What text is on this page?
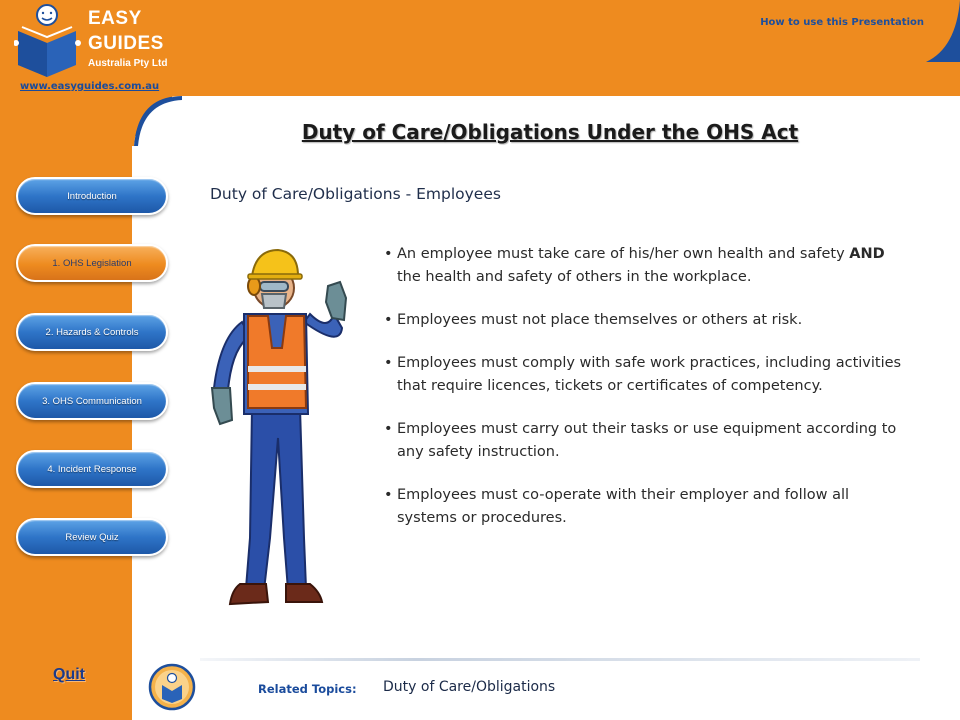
EASY
GUIDES
Australia Pty Ltd
www.easyguides.com.au
How to use this Presentation
Duty of Care/Obligations Under the OHS Act
Duty of Care/Obligations - Employees
Introduction
1. OHS Legislation
2. Hazards & Controls
3. OHS Communication
4. Incident Response
Review Quiz
Quit
• An employee must take care of his/her own health and safety AND the health and safety of others in the workplace.
• Employees must not place themselves or others at risk.
• Employees must comply with safe work practices, including activities that require licences, tickets or certificates of competency.
• Employees must carry out their tasks or use equipment according to any safety instruction.
• Employees must co-operate with their employer and follow all systems or procedures.
Related Topics: Duty of Care/Obligations
